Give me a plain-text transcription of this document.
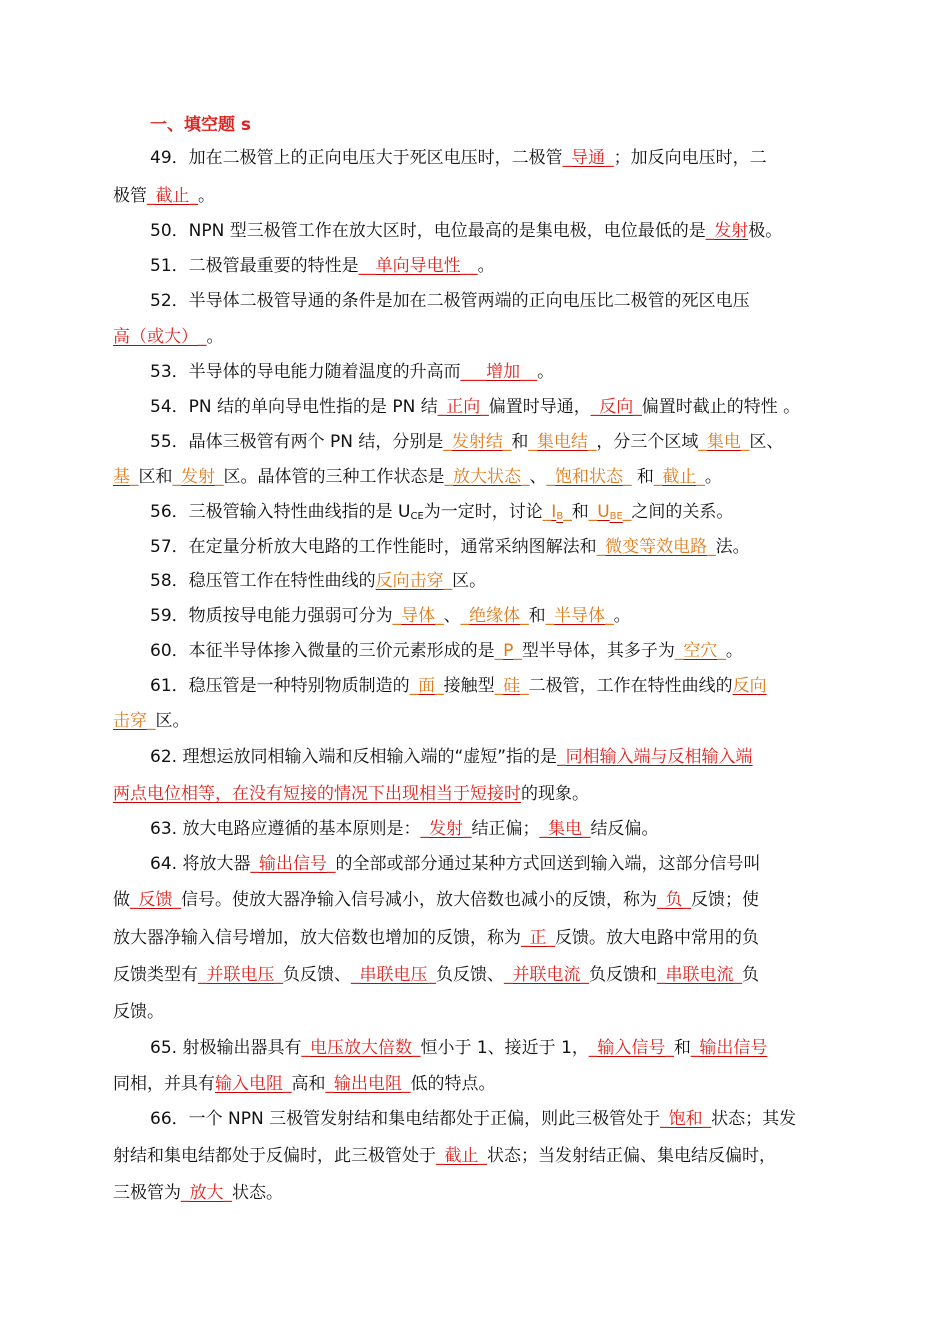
一、填空题 s
49．加在二极管上的正向电压大于死区电压时，二极管_导通_；加反向电压时，二
极管_截止_。
50．NPN 型三极管工作在放大区时，电位最高的是集电极，电位最低的是_发射极。
51．二极管最重要的特性是__单向导电性__。
52．半导体二极管导通的条件是加在二极管两端的正向电压比二极管的死区电压
高（或大）_。
53．半导体的导电能力随着温度的升高而___增加__。
54．PN 结的单向导电性指的是 PN 结_正向_偏置时导通，_反向_偏置时截止的特性 。
55．晶体三极管有两个 PN 结，分别是_发射结_和_集电结_，分三个区域_集电_区、
基_区和_发射_区。晶体管的三种工作状态是_放大状态_、_饱和状态_ 和_截止_。
56．三极管输入特性曲线指的是 $U_{CE}$为一定时，讨论$\_I_B\_$和$\_U_{BE}\_$之间的关系。
57．在定量分析放大电路的工作性能时，通常采纳图解法和_微变等效电路_法。
58．稳压管工作在特性曲线的反向击穿_区。
59．物质按导电能力强弱可分为_导体_、_绝缘体_和_半导体_。
60．本征半导体掺入微量的三价元素形成的是_P_型半导体，其多子为_空穴_。
61．稳压管是一种特别物质制造的_面_接触型_硅_二极管，工作在特性曲线的反向
击穿_区。
62. 理想运放同相输入端和反相输入端的“虚短”指的是_同相输入端与反相输入端
两点电位相等，在没有短接的情况下出现相当于短接时的现象。
63. 放大电路应遵循的基本原则是：_发射_结正偏；_集电_结反偏。
64. 将放大器_输出信号_的全部或部分通过某种方式回送到输入端，这部分信号叫
做_反馈_信号。使放大器净输入信号减小，放大倍数也减小的反馈，称为_负_反馈；使
放大器净输入信号增加，放大倍数也增加的反馈，称为_正_反馈。放大电路中常用的负
反馈类型有_并联电压_负反馈、_串联电压_负反馈、_并联电流_负反馈和_串联电流_负
反馈。
65. 射极输出器具有_电压放大倍数_恒小于 1、接近于 1，_输入信号_和_输出信号
同相，并具有输入电阻_高和_输出电阻_低的特点。
66．一个 NPN 三极管发射结和集电结都处于正偏，则此三极管处于_饱和_状态；其发
射结和集电结都处于反偏时，此三极管处于_截止_状态；当发射结正偏、集电结反偏时，
三极管为_放大_状态。
